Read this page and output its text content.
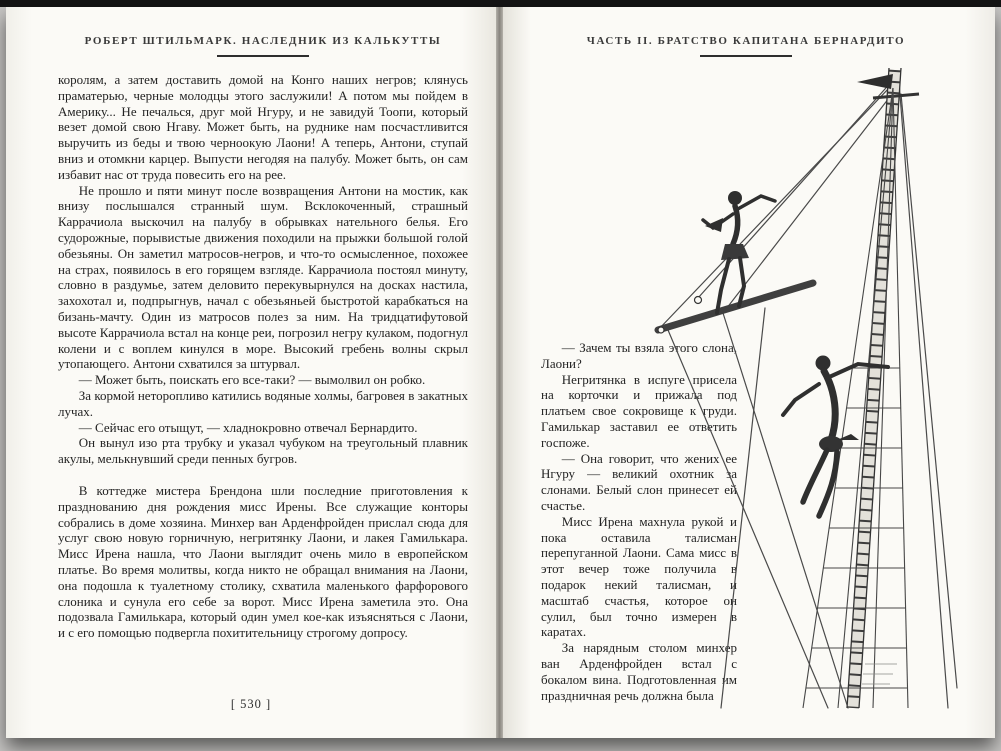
РОБЕРТ ШТИЛЬМАРК. НАСЛЕДНИК ИЗ КАЛЬКУТТЫ

королям, а затем доставить домой на Конго наших негров; клянусь праматерью, черные молодцы этого заслужили! А потом мы пойдем в Америку... Не печалься, друг мой Нгуру, и не завидуй Тоопи, который везет домой свою Нгаву. Может быть, на руднике нам посчастливится выручить из беды и твою черноокую Лаони! А теперь, Антони, ступай вниз и отомкни карцер. Выпусти негодяя на палубу. Может быть, он сам избавит нас от труда повесить его на рее.

Не прошло и пяти минут после возвращения Антони на мостик, как внизу послышался странный шум. Всклокоченный, страшный Каррачиола выскочил на палубу в обрывках нательного белья. Его судорожные, порывистые движения походили на прыжки большой голой обезьяны. Он заметил матросов-негров, и что-то осмысленное, похожее на страх, появилось в его горящем взгляде. Каррачиола постоял минуту, словно в раздумье, затем деловито перекувырнулся на досках настила, захохотал и, подпрыгнув, начал с обезьяньей быстротой карабкаться на бизань-мачту. Один из матросов полез за ним. На тридцатифутовой высоте Каррачиола встал на конце реи, погрозил негру кулаком, подогнул колени и с воплем кинулся в море. Высокий гребень волны скрыл утопающего. Антони схватился за штурвал.

— Может быть, поискать его все-таки? — вымолвил он робко.

За кормой неторопливо катились водяные холмы, багровея в закатных лучах.

— Сейчас его отыщут, — хладнокровно отвечал Бернардито.

Он вынул изо рта трубку и указал чубуком на треугольный плавник акулы, мелькнувший среди пенных бугров.

В коттедже мистера Брендона шли последние приготовления к празднованию дня рождения мисс Ирены. Все служащие конторы собрались в доме хозяина. Минхер ван Арденфройден прислал сюда для услуг свою новую горничную, негритянку Лаони, и лакея Гамилькара. Мисс Ирена нашла, что Лаони выглядит очень мило в европейском платье. Во время молитвы, когда никто не обращал внимания на Лаони, она подошла к туалетному столику, схватила маленького фарфорового слоника и сунула его себе за ворот. Мисс Ирена заметила это. Она подозвала Гамилькара, который один умел кое-как изъясняться с Лаони, и с его помощью подвергла похитительницу строгому допросу.

[ 530 ]
ЧАСТЬ II. БРАТСТВО КАПИТАНА БЕРНАРДИТО

— Зачем ты взяла этого слона, Лаони?

Негритянка в испуге присела на корточки и прижала под платьем свое сокровище к груди. Гамилькар заставил ее ответить госпоже.

— Она говорит, что жених ее Нгуру — великий охотник за слонами. Белый слон принесет ей счастье.

Мисс Ирена махнула рукой и пока оставила талисман перепуганной Лаони. Сама мисс в этот вечер тоже получила в подарок некий талисман, и масштаб счастья, которое он сулил, был точно измерен в каратах.

За нарядным столом минхер ван Арденфройден встал с бокалом вина. Подготовленная им праздничная речь должна была
